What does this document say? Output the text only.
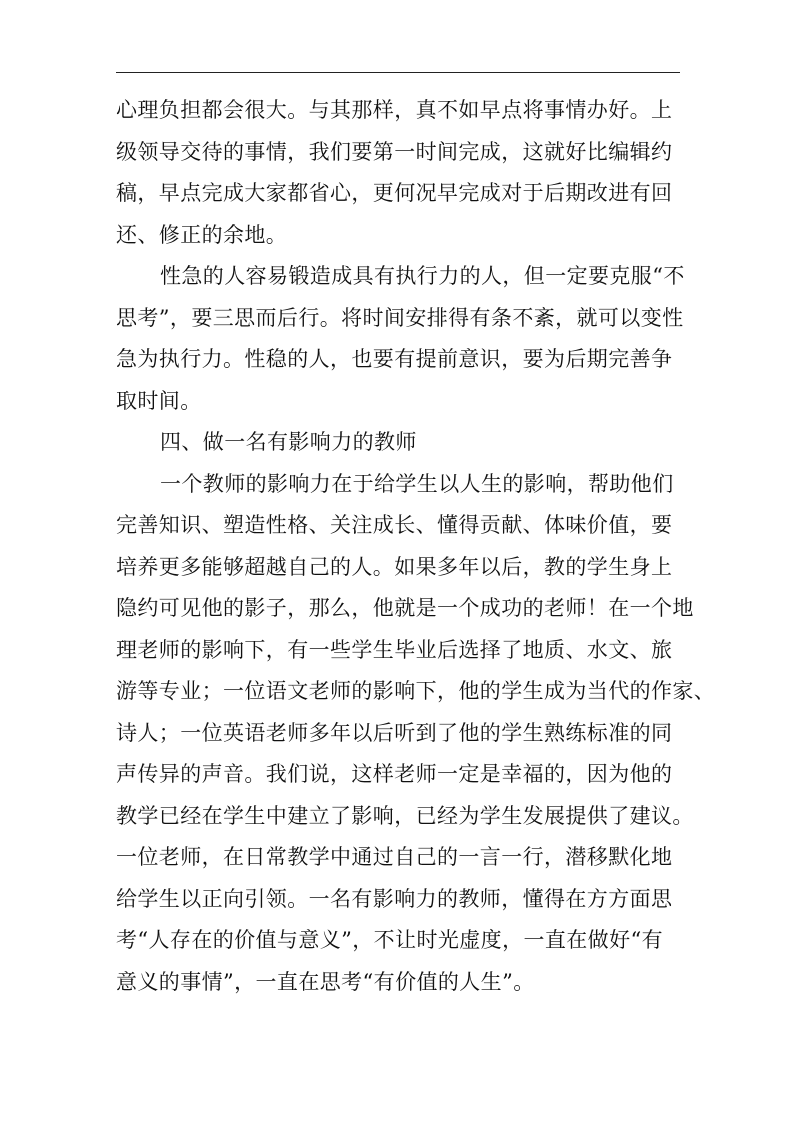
心理负担都会很大。与其那样，真不如早点将事情办好。上
级领导交待的事情，我们要第一时间完成，这就好比编辑约
稿，早点完成大家都省心，更何况早完成对于后期改进有回
还、修正的余地。
性急的人容易锻造成具有执行力的人，但一定要克服“不
思考”，要三思而后行。将时间安排得有条不紊，就可以变性
急为执行力。性稳的人，也要有提前意识，要为后期完善争
取时间。
四、做一名有影响力的教师
一个教师的影响力在于给学生以人生的影响，帮助他们
完善知识、塑造性格、关注成长、懂得贡献、体味价值，要
培养更多能够超越自己的人。如果多年以后，教的学生身上
隐约可见他的影子，那么，他就是一个成功的老师！在一个地
理老师的影响下，有一些学生毕业后选择了地质、水文、旅
游等专业；一位语文老师的影响下，他的学生成为当代的作家、
诗人；一位英语老师多年以后听到了他的学生熟练标准的同
声传异的声音。我们说，这样老师一定是幸福的，因为他的
教学已经在学生中建立了影响，已经为学生发展提供了建议。
一位老师，在日常教学中通过自己的一言一行，潜移默化地
给学生以正向引领。一名有影响力的教师，懂得在方方面思
考“人存在的价值与意义”，不让时光虚度，一直在做好“有
意义的事情”，一直在思考“有价值的人生”。
